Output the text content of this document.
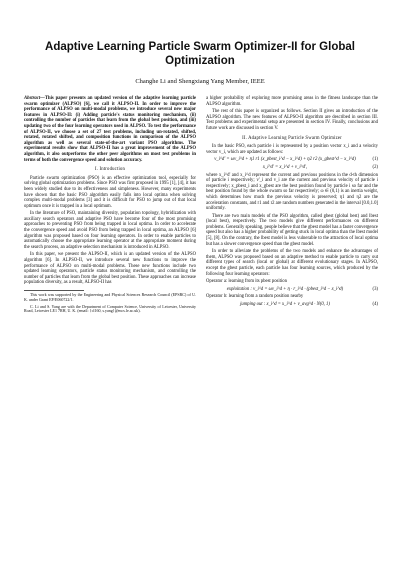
Adaptive Learning Particle Swarm Optimizer-II for Global Optimization
Changhe Li and Shengxiang Yang Member, IEEE

Abstract—This paper presents an updated version of the adaptive learning particle swarm optimizer (ALPSO) [6], we call it ALPSO-II. In order to improve the performance of ALPSO on multi-modal problems, we introduce several new major features in ALPSO-II: (i) Adding particle's status monitoring mechanism, (ii) controlling the number of particles that learn from the global best position, and (iii) updating two of the four learning operators used in ALPSO. To test the performance of ALPSO-II, we choose a set of 27 test problems, including un-rotated, shifted, rotated, rotated shifted, and composition functions in comparison of the ALPSO algorithm as well as several state-of-the-art variant PSO algorithms. The experimental results show that ALPSO-II has a great improvement of the ALPSO algorithm, it also outperforms the other peer algorithms on most test problems in terms of both the convergence speed and solution accuracy.

I. Introduction

Particle swarm optimization (PSO) is an effective optimization tool, especially for solving global optimization problems. Since PSO was first proposed in 1995 [1], [4], it has been widely studied due to its effectiveness and simpleness. However, many experiments have shown that the basic PSO algorithm easily falls into local optima when solving complex multi-modal problems [3] and it is difficult for PSO to jump out of that local optimum once it is trapped in a local optimum.

In the literature of PSO, maintaining diversity, population topology, hybridization with auxiliary search operators and adaptive PSO have become four of the most promising approaches to preventing PSO from being trapped in local optima. In order to accelerate the convergence speed and avoid PSO from being trapped in local optima, an ALPSO [6] algorithm was proposed based on four learning operators. In order to enable particles to automatically choose the appropriate learning operator at the appropriate moment during the search process, an adaptive selection mechanism is introduced in ALPSO.

In this paper, we present the ALPSO-II, which is an updated version of the ALPSO algorithm [6]. In ALPSO-II, we introduce several new functions to improve the performance of ALPSO on multi-modal problems. These new functions include two updated learning operators, particle status monitoring mechanism, and controlling the number of particles that learn from the global best position. These approaches can increase population diversity, as a result, ALPSO-II has

This work was supported by the Engineering and Physical Sciences Research Council (EPSRC) of U. K. under Grant EP/E060722/1.

C. Li and S. Yang are with the Department of Computer Science, University of Leicester, University Road, Leicester LE1 7RH, U. K. (email: {cl160, s.yang}@mcs.le.ac.uk).

a higher probability of exploring more promising areas in the fitness landscape than the ALPSO algorithm.

The rest of this paper is organized as follows. Section II gives an introduction of the ALPSO algorithm. The new features of ALPSO-II algorithm are described in section III. Test problems and experimental setup are presented in section IV. Finally, conclusions and future work are discussed in section V.

II. Adaptive Learning Particle Swarm Optimizer

In the basic PSO, each particle i is represented by a position vector x_i and a velocity vector v_i, which are updated as follows:

v_i^d' = ωv_i^d + η1 r1 (x_pbest_i^d − x_i^d) + η2 r2 (x_gbest^d − x_i^d)	(1)
x_i^d' = x_i^d + v_i^d',	(2)

where x_i^d' and x_i^d represent the current and previous positions in the d-th dimension of particle i respectively; v'_i and v_i are the current and previous velocity of particle i respectively; x_pbest_i and x_gbest are the best position found by particle i so far and the best position found by the whole swarm so far respectively; ω ∈ (0,1) is an inertia weight, which determines how much the previous velocity is preserved; η1 and η2 are the acceleration constants, and r1 and r2 are random numbers generated in the interval [0.0,1.0] uniformly.

There are two main models of the PSO algorithm, called gbest (global best) and lbest (local best), respectively. The two models give different performances on different problems. Generally speaking, people believe that the gbest model has a faster convergence speed but also has a higher probability of getting stuck in local optima than the lbest model [5], [8]. On the contrary, the lbest model is less vulnerable to the attraction of local optima but has a slower convergence speed than the gbest model.

In order to alleviate the problems of the two models and enhance the advantages of them, ALPSO was proposed based on an adaptive method to enable particle to carry out different types of search (local or global) at different evolutionary stages. In ALPSO, except the gbest particle, each particle has four learning sources, which produced by the following four learning operators:

Operator a: learning from its pbest position

exploitation : v_i^d = ωv_i^d + η · r_i^d · (pbest_i^d − x_i^d)	(3)

Operator b: learning from a random position nearby

jumping out : x_i^d = x_i^d + v_avg^d · N(0, 1)	(4)
